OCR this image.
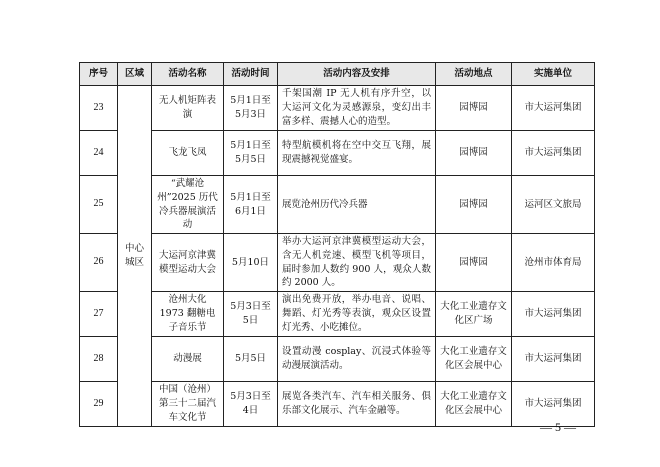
序号	区域	活动名称	活动时间	活动内容及安排	活动地点	实施单位
23	中心城区	无人机矩阵表演	5月1日至5月3日	千架国潮 IP 无人机有序升空，以大运河文化为灵感源泉，变幻出丰富多样、震撼人心的造型。	园博园	市大运河集团
24		飞龙飞凤	5月1日至5月5日	特型航模机将在空中交互飞翔，展现震撼视觉盛宴。	园博园	市大运河集团
25		“武耀沧州”2025 历代冷兵器展演活动	5月1日至6月1日	展览沧州历代冷兵器	园博园	运河区文旅局
26		大运河京津冀模型运动大会	5月10日	举办大运河京津冀模型运动大会，含无人机竞速、模型飞机等项目，届时参加人数约 900 人，观众人数约 2000 人。	园博园	沧州市体育局
27		沧州大化 1973 翻糖电子音乐节	5月3日至5日	演出免费开放，举办电音、说唱、舞蹈、灯光秀等表演，观众区设置灯光秀、小吃摊位。	大化工业遗存文化区广场	市大运河集团
28		动漫展	5月5日	设置动漫 cosplay、沉浸式体验等动漫展演活动。	大化工业遗存文化区会展中心	市大运河集团
29		中国（沧州）第三十二届汽车文化节	5月3日至4日	展览各类汽车、汽车相关服务、俱乐部文化展示、汽车金融等。	大化工业遗存文化区会展中心	市大运河集团
— 5 —
